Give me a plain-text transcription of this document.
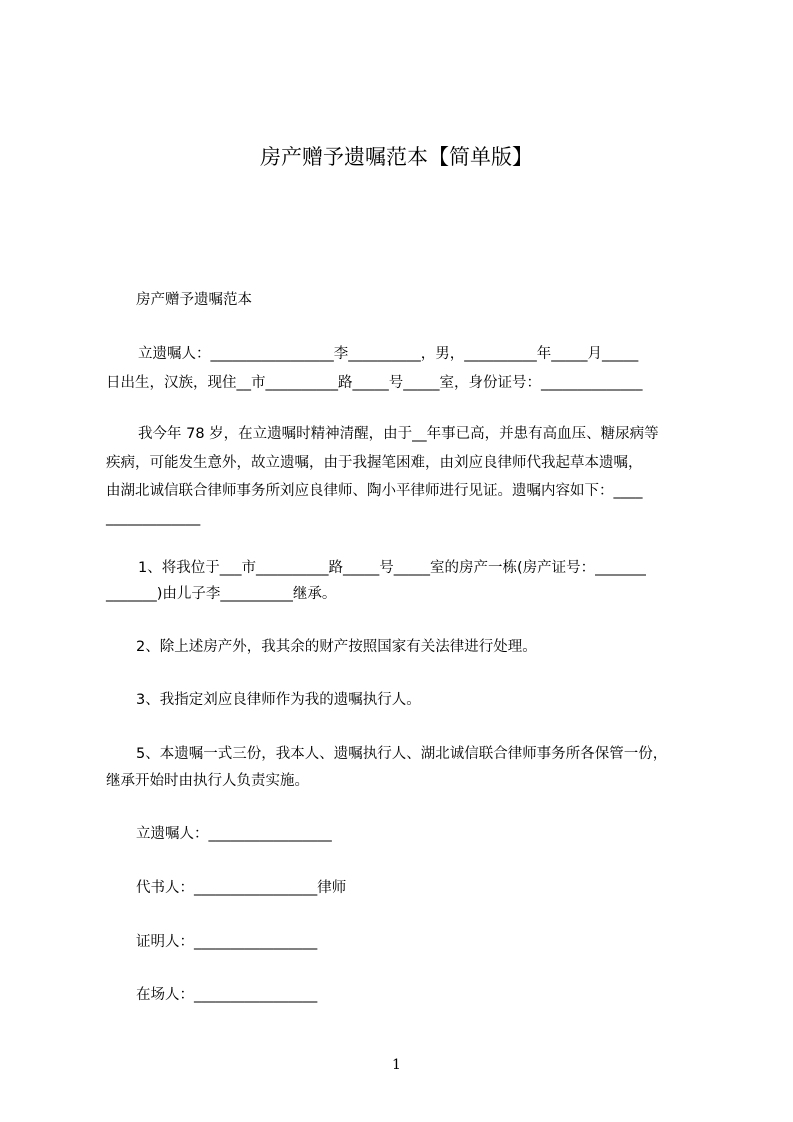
房产赠予遗嘱范本【简单版】

房产赠予遗嘱范本

立遗嘱人：_________________李__________，男，__________年_____月_____

日出生，汉族，现住__市__________路_____号_____室，身份证号：______________

我今年 78 岁，在立遗嘱时精神清醒，由于__年事已高，并患有高血压、糖尿病等

疾病，可能发生意外，故立遗嘱，由于我握笔困难，由刘应良律师代我起草本遗嘱，

由湖北诚信联合律师事务所刘应良律师、陶小平律师进行见证。遗嘱内容如下：____

_____________

1、将我位于___市__________路_____号_____室的房产一栋(房产证号：_______

_______)由儿子李__________继承。

2、除上述房产外，我其余的财产按照国家有关法律进行处理。

3、我指定刘应良律师作为我的遗嘱执行人。

5、本遗嘱一式三份，我本人、遗嘱执行人、湖北诚信联合律师事务所各保管一份，

继承开始时由执行人负责实施。

立遗嘱人：_________________

代书人：_________________律师

证明人：_________________

在场人：_________________

1
